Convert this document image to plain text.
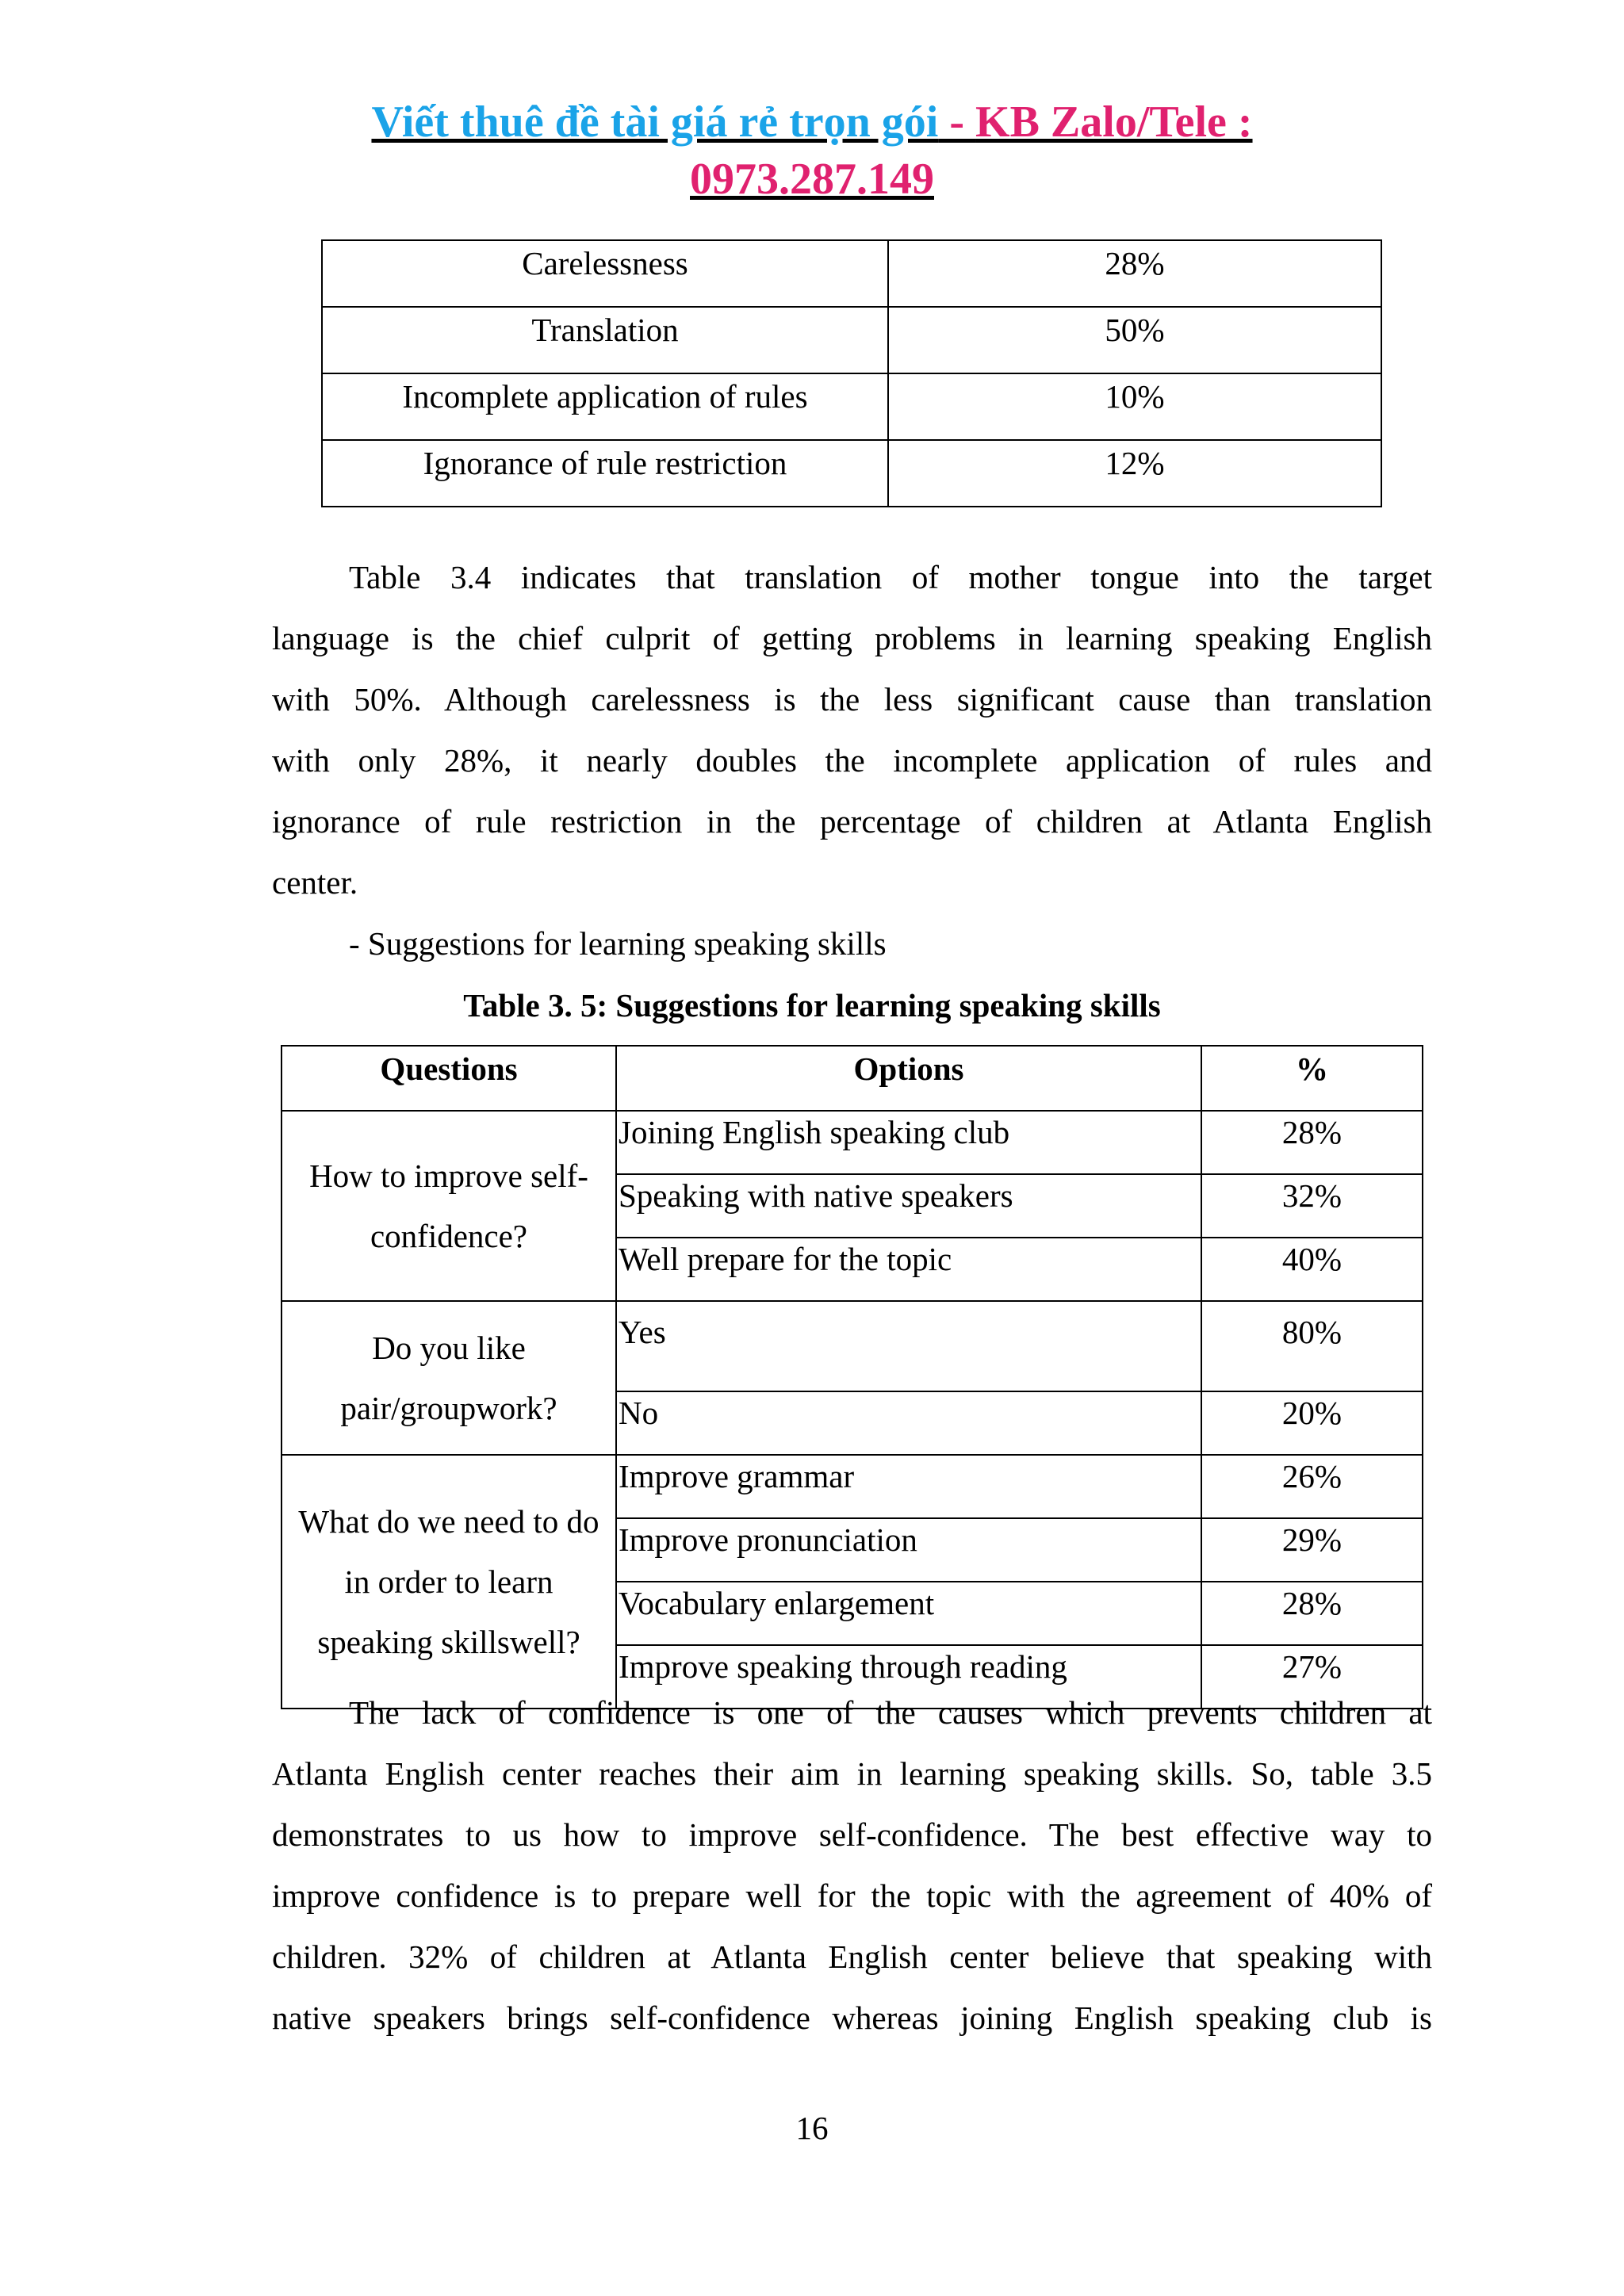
Viết thuê đề tài giá rẻ trọn gói - KB Zalo/Tele :
0973.287.149
Carelessness	28%
Translation	50%
Incomplete application of rules	10%
Ignorance of rule restriction	12%
Table 3.4 indicates that translation of mother tongue into the target
language is the chief culprit of getting problems in learning speaking English
with 50%. Although carelessness is the less significant cause than translation
with only 28%, it nearly doubles the incomplete application of rules and
ignorance of rule restriction in the percentage of children at Atlanta English
center.
- Suggestions for learning speaking skills
Table 3. 5: Suggestions for learning speaking skills
Questions	Options	%

How to improve self-
confidence?	Joining English speaking club	28%
	Speaking with native speakers	32%
	Well prepare for the topic	40%

Do you like
pair/groupwork?	Yes	80%
	No	20%

What do we need to do
in order to learn
speaking skillswell?	Improve grammar	26%
	Improve pronunciation	29%
	Vocabulary enlargement	28%
	Improve speaking through reading	27%
The lack of confidence is one of the causes which prevents children at
Atlanta English center reaches their aim in learning speaking skills. So, table 3.5
demonstrates to us how to improve self-confidence. The best effective way to
improve confidence is to prepare well for the topic with the agreement of 40% of
children. 32% of children at Atlanta English center believe that speaking with
native speakers brings self-confidence whereas joining English speaking club is
16
